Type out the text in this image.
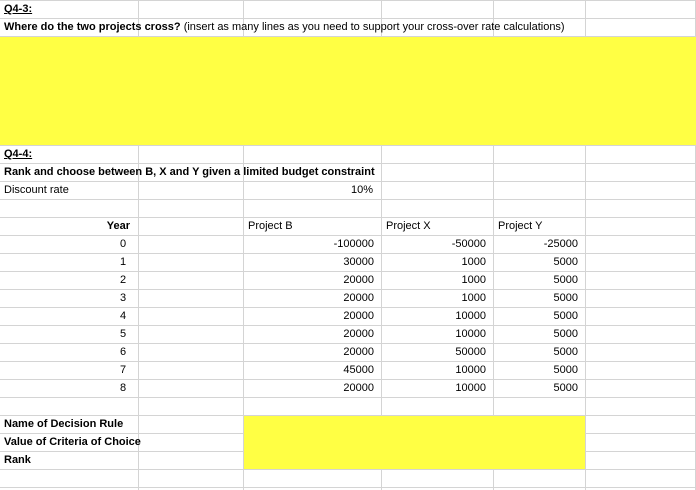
Q4-3:
Where do the two projects cross? (insert as many lines as you need to support your cross-over rate calculations)
Q4-4:
Rank and choose between B, X and Y given a limited budget constraint
Discount rate	10%
Year	Project B	Project X	Project Y
0	-100000	-50000	-25000
1	30000	1000	5000
2	20000	1000	5000
3	20000	1000	5000
4	20000	10000	5000
5	20000	10000	5000
6	20000	50000	5000
7	45000	10000	5000
8	20000	10000	5000
Name of Decision Rule
Value of Criteria of Choice
Rank
